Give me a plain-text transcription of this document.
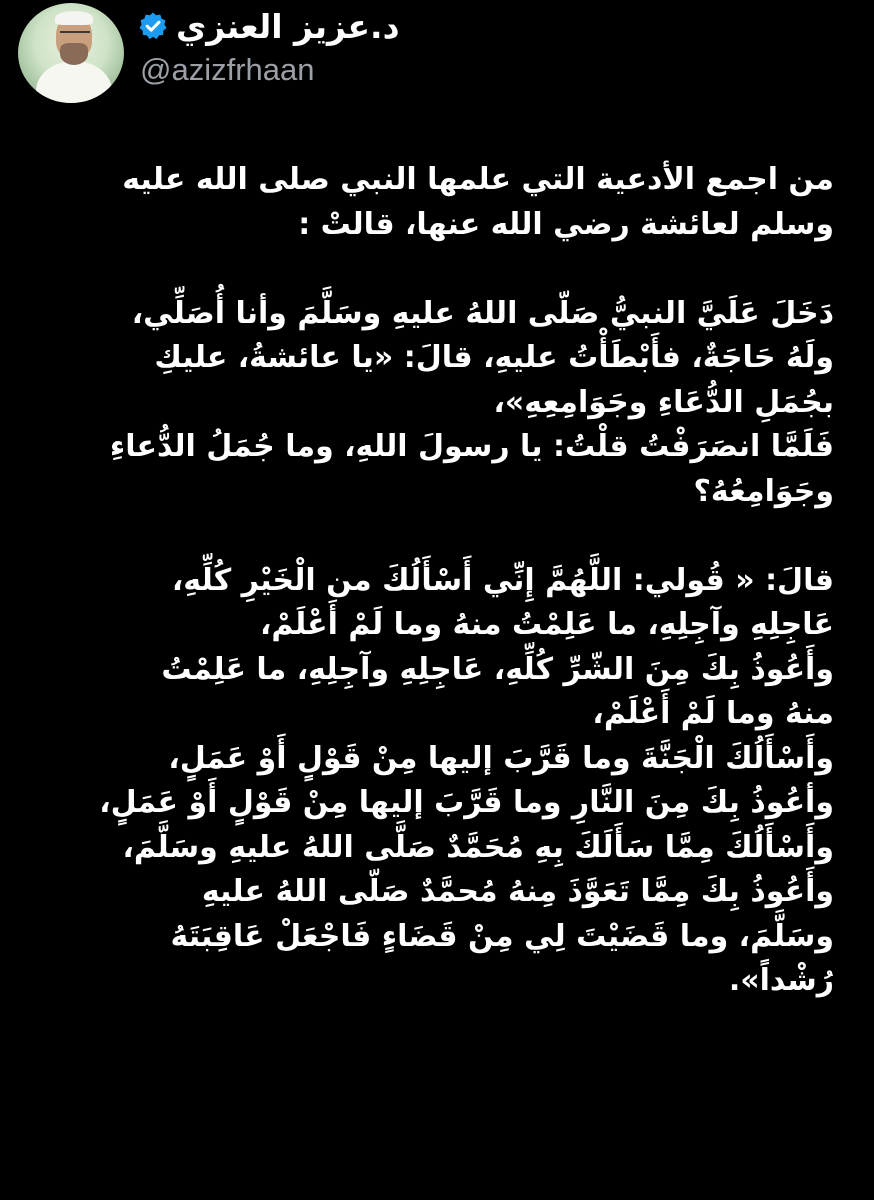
د.عزيز العنزي
@azizfrhaan
من اجمع الأدعية التي علمها النبي صلى الله عليه
وسلم لعائشة رضي الله عنها، قالتْ :
دَخَلَ عَلَيَّ النبيُّ صَلّى اللهُ عليهِ وسَلَّمَ وأنا أُصَلِّي،
ولَهُ حَاجَةٌ، فأَبْطَأْتُ عليهِ، قالَ: «يا عائشةُ، عليكِ
بجُمَلِ الدُّعَاءِ وجَوَامِعِهِ»،
فَلَمَّا انصَرَفْتُ قلْتُ: يا رسولَ اللهِ، وما جُمَلُ الدُّعاءِ
وجَوَامِعُهُ؟
قالَ: « قُولي: اللَّهُمَّ إِنِّي أَسْأَلُكَ من الْخَيْرِ كُلِّهِ،
عَاجِلِهِ وآجِلِهِ، ما عَلِمْتُ منهُ وما لَمْ أَعْلَمْ،
وأَعُوذُ بِكَ مِنَ الشّرِّ كُلِّهِ، عَاجِلِهِ وآجِلِهِ، ما عَلِمْتُ
منهُ وما لَمْ أَعْلَمْ،
وأَسْأَلُكَ الْجَنَّةَ وما قَرَّبَ إليها مِنْ قَوْلٍ أَوْ عَمَلٍ،
وأعُوذُ بِكَ مِنَ النَّارِ وما قَرَّبَ إليها مِنْ قَوْلٍ أَوْ عَمَلٍ،
وأَسْأَلُكَ مِمَّا سَأَلَكَ بِهِ مُحَمَّدٌ صَلَّى اللهُ عليهِ وسَلَّمَ،
وأَعُوذُ بِكَ مِمَّا تَعَوَّذَ مِنهُ مُحمَّدٌ صَلّى اللهُ عليهِ
وسَلَّمَ، وما قَضَيْتَ لِي مِنْ قَضَاءٍ فَاجْعَلْ عَاقِبَتَهُ
رُشْداً».
